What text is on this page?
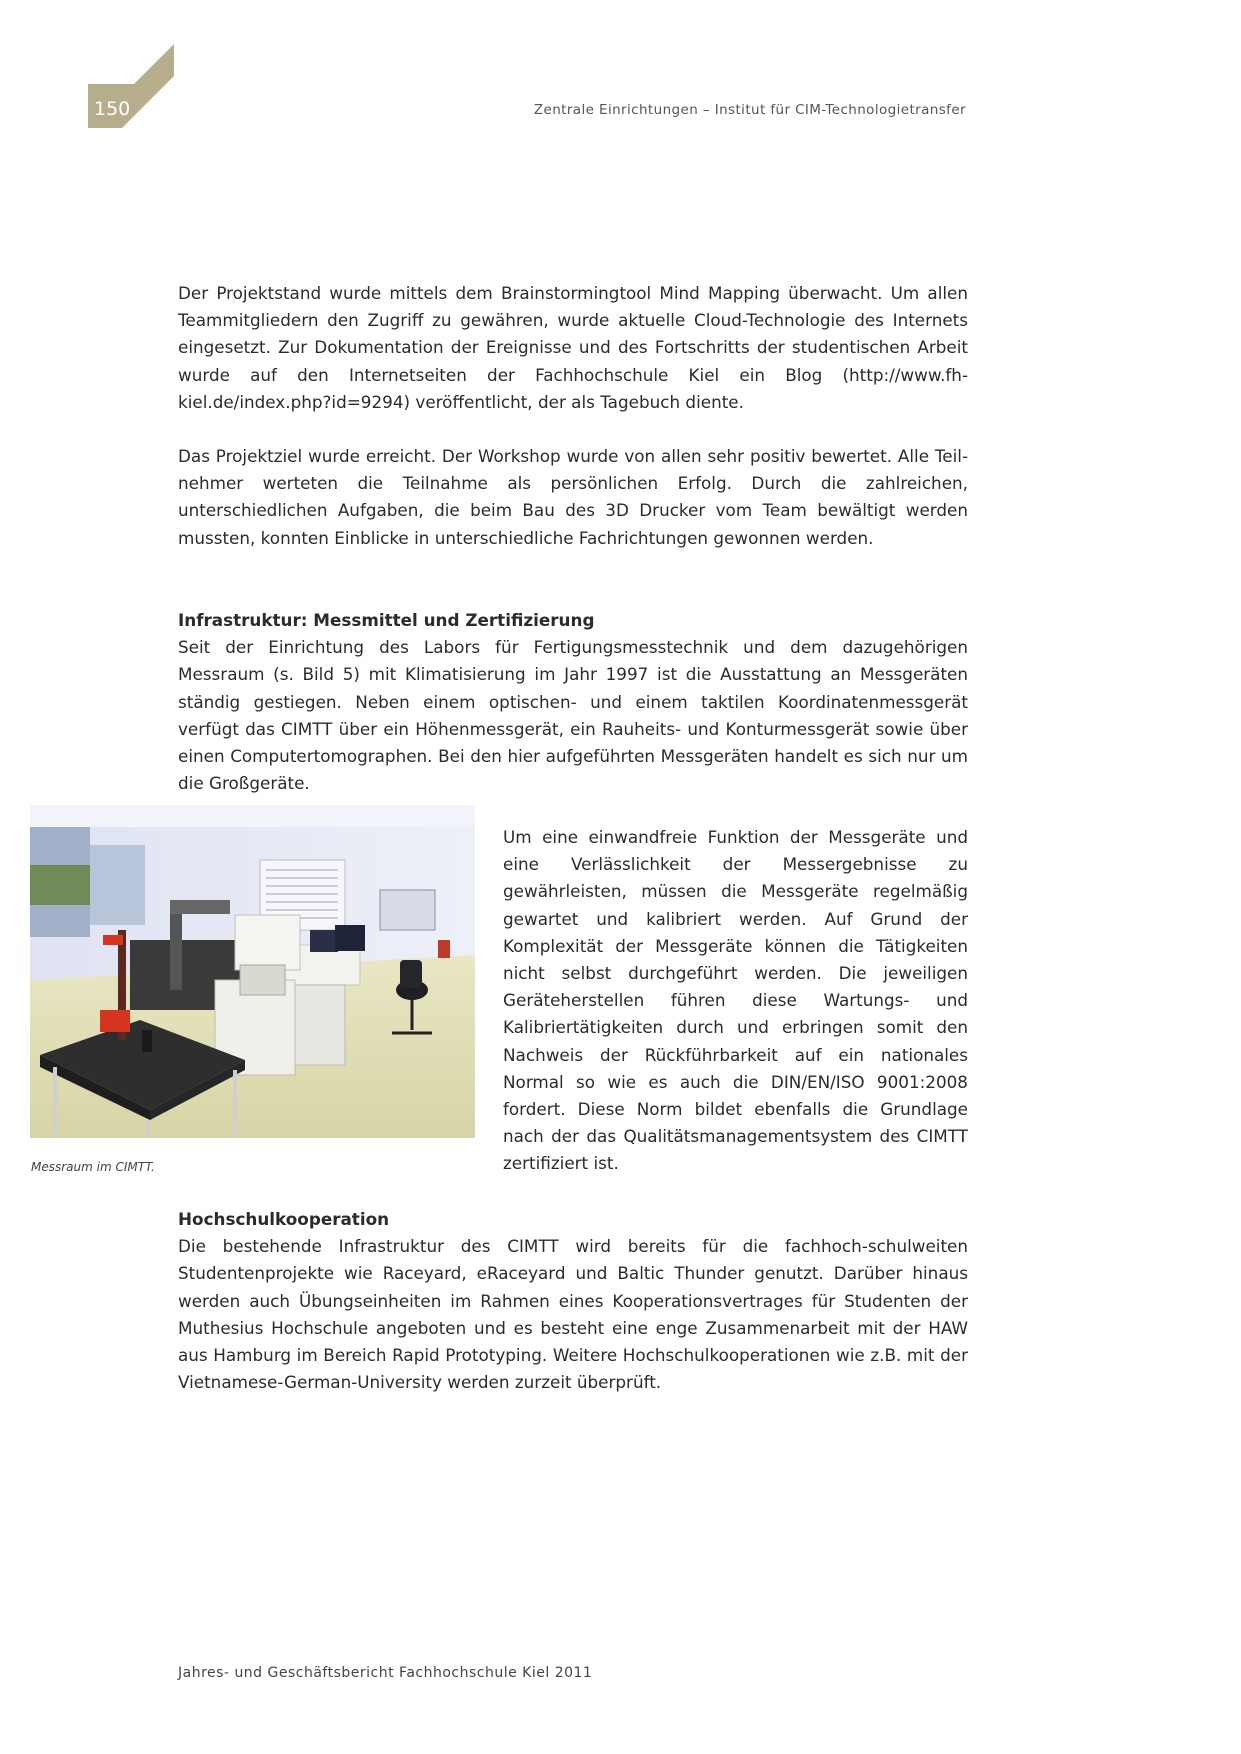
150	Zentrale Einrichtungen – Institut für CIM-Technologietransfer

Der Projektstand wurde mittels dem Brainstormingtool Mind Mapping überwacht. Um allen Teammitgliedern den Zugriff zu gewähren, wurde aktuelle Cloud-Technologie des Internets eingesetzt. Zur Dokumentation der Ereignisse und des Fortschritts der studentischen Arbeit wurde auf den Internetseiten der Fachhochschule Kiel ein Blog (http://www.fh-kiel.de/index.php?id=9294) veröffentlicht, der als Tagebuch diente.

Das Projektziel wurde erreicht. Der Workshop wurde von allen sehr positiv bewertet. Alle Teilnehmer werteten die Teilnahme als persönlichen Erfolg. Durch die zahlreichen, unterschiedlichen Aufgaben, die beim Bau des 3D Drucker vom Team bewältigt werden mussten, konnten Einblicke in unterschiedliche Fachrichtungen gewonnen werden.

Infrastruktur: Messmittel und Zertifizierung

Seit der Einrichtung des Labors für Fertigungsmesstechnik und dem dazugehörigen Messraum (s. Bild 5) mit Klimatisierung im Jahr 1997 ist die Ausstattung an Messgeräten ständig gestiegen. Neben einem optischen- und einem taktilen Koordinatenmessgerät verfügt das CIMTT über ein Höhenmessgerät, ein Rauheits- und Konturmessgerät sowie über einen Computertomographen. Bei den hier aufgeführten Messgeräten handelt es sich nur um die Großgeräte.

Messraum im CIMTT.

Um eine einwandfreie Funktion der Messgeräte und eine Verlässlichkeit der Messergebnisse zu gewährleisten, müssen die Messgeräte regelmäßig gewartet und kalibriert werden. Auf Grund der Komplexität der Messgeräte können die Tätigkeiten nicht selbst durchgeführt werden. Die jeweiligen Geräteherstellen führen diese Wartungs- und Kalibriertätigkeiten durch und erbringen somit den Nachweis der Rückführbarkeit auf ein nationales Normal so wie es auch die DIN/EN/ISO 9001:2008 fordert. Diese Norm bildet ebenfalls die Grundlage nach der das Qualitätsmanagementsystem des CIMTT zertifiziert ist.

Hochschulkooperation

Die bestehende Infrastruktur des CIMTT wird bereits für die fachhoch-schulweiten Studentenprojekte wie Raceyard, eRaceyard und Baltic Thunder genutzt. Darüber hinaus werden auch Übungseinheiten im Rahmen eines Kooperationsvertrages für Studenten der Muthesius Hochschule angeboten und es besteht eine enge Zusammenarbeit mit der HAW aus Hamburg im Bereich Rapid Prototyping. Weitere Hochschulkooperationen wie z.B. mit der Vietnamese-German-University werden zurzeit überprüft.

Jahres- und Geschäftsbericht Fachhochschule Kiel 2011
